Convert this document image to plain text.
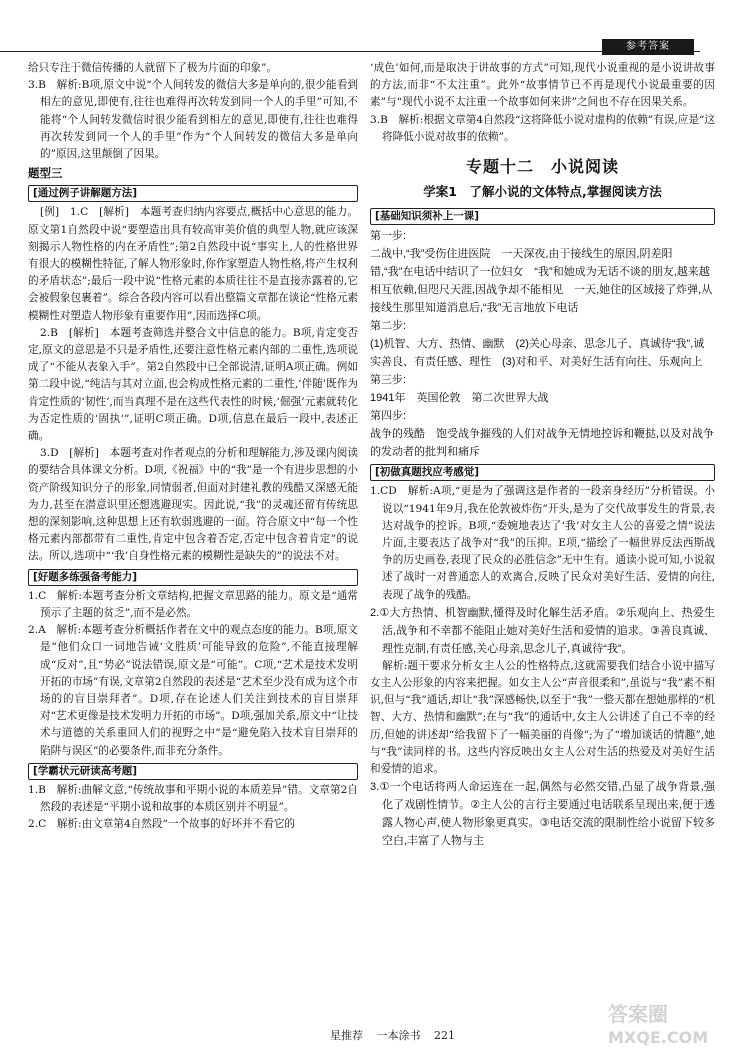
参考答案

给只专注于微信传播的人就留下了极为片面的印象”。

3.B　解析:B项,原文中说“个人间转发的微信大多是单向的,很少能看到相左的意见,即使有,往往也难得再次转发到同一个人的手里”可知,不能将“个人间转发微信时很少能看到相左的意见,即使有,往往也难得再次转发到同一个人的手里”作为“个人间转发的微信大多是单向的”原因,这里颠倒了因果。

题型三
[通过例子讲解题方法]

[例]　1.C　[解析]　本题考查归纳内容要点,概括中心意思的能力。原文第1自然段中说“要塑造出具有较高审美价值的典型人物,就应该深刻揭示人物性格的内在矛盾性”;第2自然段中说“事实上,人的性格世界有很大的模糊性特征,了解人物形象时,你作家塑造人物性格,将产生权利的矛盾状态”;最后一段中说“性格元素的本质往往不是直接赤露着的,它会被假象包裹着”。综合各段内容可以看出整篇文章都在谈论“性格元素模糊性对塑造人物形象有重要作用”,因而选择C项。

2.B　[解析]　本题考查筛选并整合文中信息的能力。B项,肯定变否定,原文的意思是不只是矛盾性,还要注意性格元素内部的二重性,选项说成了“不能从表象入手”。第2自然段中已全部说清,证明A项正确。例如第二段中说,“纯洁与其对立面,也会构成性格元素的二重性,‘伴随’既作为肯定性质的‘韧性’,而当真理不是在这些代表性的时候,‘倔强’元素就转化为否定性质的‘固执’”,证明C项正确。D项,信息在最后一段中,表述正确。

3.D　[解析]　本题考查对作者观点的分析和理解能力,涉及课内阅读的要结合具体课文分析。D项,《祝福》中的“我”是一个有进步思想的小资产阶级知识分子的形象,同情弱者,但面对封建礼教的残酷又深感无能为力,甚至在潜意识里还想逃避现实。因此说,“我”的灵魂还留有传统思想的深刻影响,这种思想上还有软弱逃避的一面。符合原文中“每一个性格元素内部都带有二重性,肯定中包含着否定,否定中包含着肯定”的说法。所以,选项中“‘我’自身性格元素的模糊性是缺失的”的说法不对。

[好题多练强备考能力]

1.C　解析:本题考查分析文章结构,把握文章思路的能力。原文是“通常预示了主题的贫乏”,而不是必然。

2.A　解析:本题考查分析概括作者在文中的观点态度的能力。B项,原文是“他们众口一词地告诫‘文胜质’可能导致的危险”,不能直接理解成“反对”,且“势必”说法错误,原文是“可能”。C项,“艺术是技术发明开拓的市场”有误,文章第2自然段的表述是“艺术至少没有成为这个市场的的盲目崇拜者”。D项,存在论述人们关注到技术的盲目崇拜对“艺术更像是技术发明力开拓的市场”。D项,强加关系,原文中“让技术与道德的关系重回人们的视野之中”是“避免陷入技术盲目崇拜的陷阱与误区”的必要条件,而非充分条件。

[学霸状元研读高考题]

1.B　解析:曲解文意,“传统故事和平期小说的本质差异”错。文章第2自然段的表述是“平期小说和故事的本质区别并不明显”。

2.C　解析:由文章第4自然段“一个故事的好坏并不看它的

‘成色’如何,而是取决于讲故事的方式”可知,现代小说重视的是小说讲故事的方法,而非“不太注重”。此外“故事情节已不再是现代小说最重要的因素”与“现代小说不太注重一个故事如何来讲”之间也不存在因果关系。

3.B　解析:根据文章第4自然段“这将降低小说对虚构的依赖”有误,应是“这将降低小说对故事的依赖”。

专题十二　小说阅读
学案1　了解小说的文体特点,掌握阅读方法
[基础知识须补上一课]
第一步:
二战中,“我”受伤住进医院　一天深夜,由于接线生的原因,阴差阳错,“我”在电话中结识了一位妇女　“我”和她成为无话不谈的朋友,越来越相互依赖,但咫尺天涯,因战争却不能相见　一天,她住的区域接了炸弹,从接线生那里知道消息后,“我”无言地放下电话
第二步:
(1)机智、大方、热情、幽默　(2)关心母亲、思念儿子、真诚待“我”,诚实善良、有责任感、理性　(3)对和平、对美好生活有向往、乐观向上
第三步:
1941年　英国伦敦　第二次世界大战
第四步:
战争的残酷　饱受战争摧残的人们对战争无情地控诉和鞭挞,以及对战争的发动者的批判和痛斥
[初做真题找应考感觉]

1.CD　解析:A项,“更是为了强调这是作者的一段亲身经历”分析错误。小说以“1941年9月,我在伦敦被炸伤”开头,是为了交代故事发生的背景,表达对战争的控诉。B项,“委婉地表达了‘我’对女主人公的喜爱之情”说法片面,主要表达了战争对“我”的压抑。E项,“描绘了一幅世界反法西斯战争的历史画卷,表现了民众的必胜信念”无中生有。通读小说可知,小说叙述了战时一对普通恋人的欢离合,反映了民众对美好生活、爱情的向往,表现了战争的残酷。

2.①大方热情、机智幽默,懂得及时化解生活矛盾。②乐观向上、热爱生活,战争和不幸都不能阻止她对美好生活和爱情的追求。③善良真诚、理性克制,有责任感,关心母亲,思念儿子,真诚待“我”。

解析:题干要求分析女主人公的性格特点,这就需要我们结合小说中描写女主人公形象的内容来把握。如女主人公“声音很柔和”,虽说与“我”素不相识,但与“我”通话,却让“我”深感畅快,以至于“我”一整天都在想她那样的“机智、大方、热情和幽默”;在与“我”的通话中,女主人公讲述了自己不幸的经历,但她的讲述却“给我留下了一幅美丽的肖像”;为了“增加谈话的情趣”,她与“我”读同样的书。这些内容反映出女主人公对生活的热爱及对美好生活和爱情的追求。

3.①一个电话将两人命运连在一起,偶然与必然交错,凸显了战争背景,强化了戏剧性情节。②主人公的言行主要通过电话联系呈现出来,便于透露人物心声,使人物形象更真实。③电话交流的限制性给小说留下较多空白,丰富了人物与主

星推荐 一本涂书 221
答案圈
MXQE.COM
